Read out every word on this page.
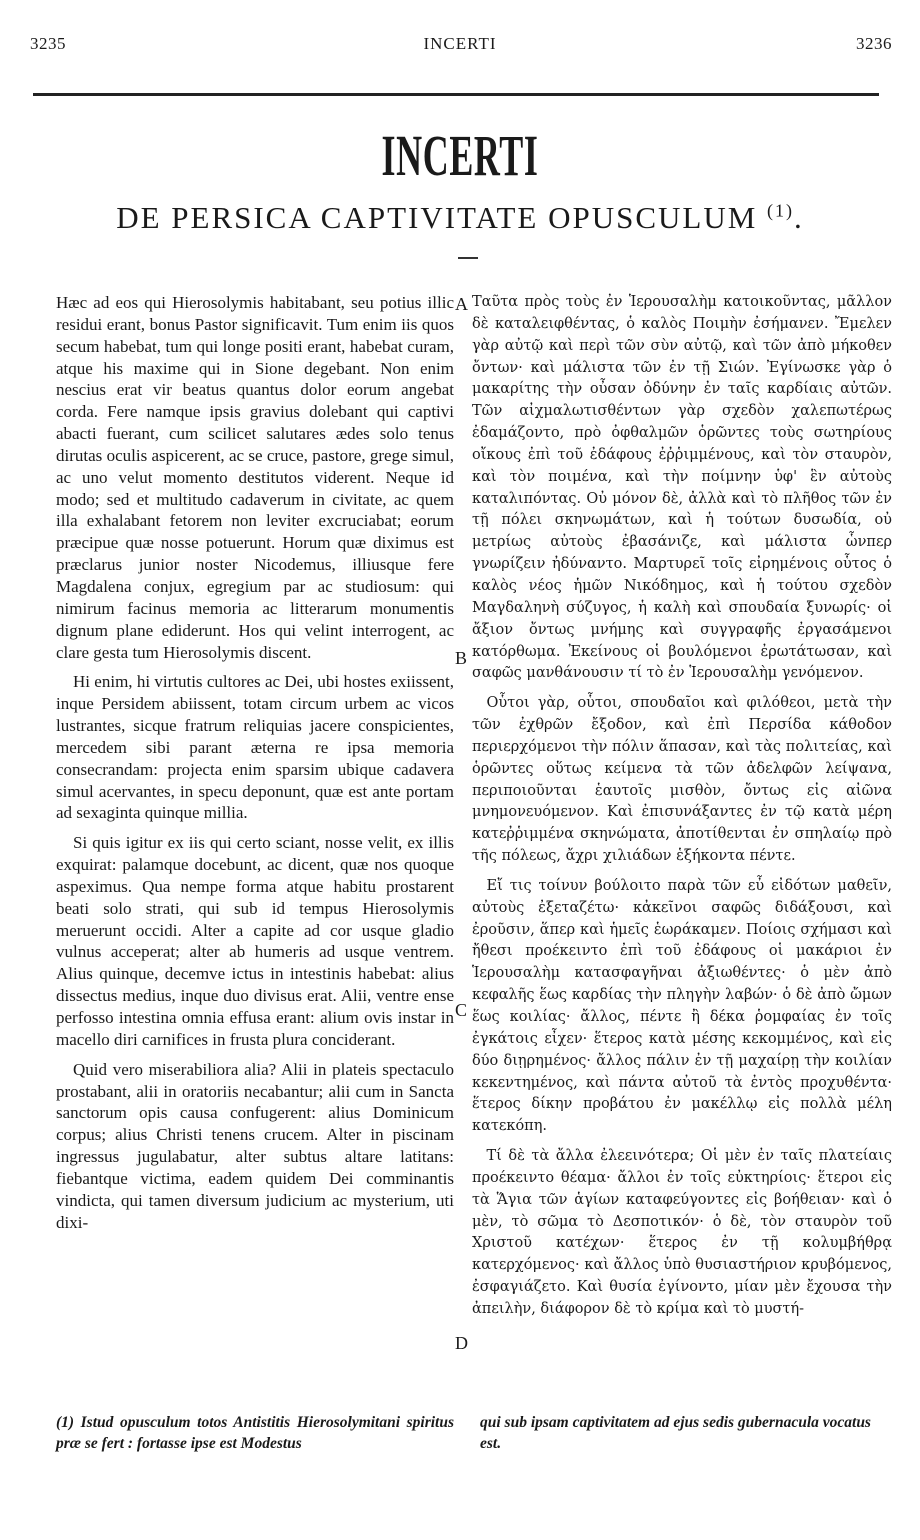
3235	INCERTI	3236
INCERTI
DE PERSICA CAPTIVITATE OPUSCULUM $^{(1)}$.

Hæc ad eos qui Hierosolymis habitabant, seu potius illic residui erant, bonus Pastor significavit. Tum enim iis quos secum habebat, tum qui longe positi erant, habebat curam, atque his maxime qui in Sione degebant. Non enim nescius erat vir beatus quantus dolor eorum angebat corda. Fere namque ipsis gravius dolebant qui captivi abacti fuerant, cum scilicet salutares ædes solo tenus dirutas oculis aspicerent, ac se cruce, pastore, grege simul, ac uno velut momento destitutos viderent. Neque id modo; sed et multitudo cadaverum in civitate, ac quem illa exhalabant fetorem non leviter excruciabat; eorum præcipue quæ nosse potuerunt. Horum quæ diximus est præclarus junior noster Nicodemus, illiusque fere Magdalena conjux, egregium par ac studiosum: qui nimirum facinus memoria ac litterarum monumentis dignum plane ediderunt. Hos qui velint interrogent, ac clare gesta tum Hierosolymis discent.

Hi enim, hi virtutis cultores ac Dei, ubi hostes exiissent, inque Persidem abiissent, totam circum urbem ac vicos lustrantes, sicque fratrum reliquias jacere conspicientes, mercedem sibi parant æterna re ipsa memoria consecrandam: projecta enim sparsim ubique cadavera simul acervantes, in specu deponunt, quæ est ante portam ad sexaginta quinque millia.

Si quis igitur ex iis qui certo sciant, nosse velit, ex illis exquirat: palamque docebunt, ac dicent, quæ nos quoque aspeximus. Qua nempe forma atque habitu prostarent beati solo strati, qui sub id tempus Hierosolymis meruerunt occidi. Alter a capite ad cor usque gladio vulnus acceperat; alter ab humeris ad usque ventrem. Alius quinque, decemve ictus in intestinis habebat: alius dissectus medius, inque duo divisus erat. Alii, ventre ense perfosso intestina omnia effusa erant: alium ovis instar in macello diri carnifices in frusta plura conciderant.

Quid vero miserabiliora alia? Alii in plateis spectaculo prostabant, alii in oratoriis necabantur; alii cum in Sancta sanctorum opis causa confugerent: alius Dominicum corpus; alius Christi tenens crucem. Alter in piscinam ingressus jugulabatur, alter subtus altare latitans: fiebantque victima, eadem quidem Dei comminantis vindicta, qui tamen diversum judicium ac mysterium, uti dixi-

A
B
C
D

Ταῦτα πρὸς τοὺς ἐν Ἱερουσαλὴμ κατοικοῦντας, μᾶλλον δὲ καταλειφθέντας, ὁ καλὸς Ποιμὴν ἐσήμανεν. Ἔμελεν γὰρ αὐτῷ καὶ περὶ τῶν σὺν αὐτῷ, καὶ τῶν ἀπὸ μήκοθεν ὄντων· καὶ μάλιστα τῶν ἐν τῇ Σιών. Ἐγίνωσκε γὰρ ὁ μακαρίτης τὴν οὖσαν ὀδύνην ἐν ταῖς καρδίαις αὐτῶν. Τῶν αἰχμαλωτισθέντων γὰρ σχεδὸν χαλεπωτέρως ἐδαμάζοντο, πρὸ ὀφθαλμῶν ὁρῶντες τοὺς σωτηρίους οἴκους ἐπὶ τοῦ ἐδάφους ἐῤῥιμμένους, καὶ τὸν σταυρὸν, καὶ τὸν ποιμένα, καὶ τὴν ποίμνην ὑφ' ἓν αὐτοὺς καταλιπόντας. Οὐ μόνον δὲ, ἀλλὰ καὶ τὸ πλῆθος τῶν ἐν τῇ πόλει σκηνωμάτων, καὶ ἡ τούτων δυσωδία, οὐ μετρίως αὐτοὺς ἐβασάνιζε, καὶ μάλιστα ὧνπερ γνωρίζειν ἠδύναντο. Μαρτυρεῖ τοῖς εἰρημένοις οὗτος ὁ καλὸς νέος ἡμῶν Νικόδημος, καὶ ἡ τούτου σχεδὸν Μαγδαληνὴ σύζυγος, ἡ καλὴ καὶ σπουδαία ξυνωρίς· οἱ ἄξιον ὄντως μνήμης καὶ συγγραφῆς ἐργασάμενοι κατόρθωμα. Ἐκείνους οἱ βουλόμενοι ἐρωτάτωσαν, καὶ σαφῶς μανθάνουσιν τί τὸ ἐν Ἱερουσαλὴμ γενόμενον.

Οὗτοι γὰρ, οὗτοι, σπουδαῖοι καὶ φιλόθεοι, μετὰ τὴν τῶν ἐχθρῶν ἔξοδον, καὶ ἐπὶ Περσίδα κάθοδον περιερχόμενοι τὴν πόλιν ἅπασαν, καὶ τὰς πολιτείας, καὶ ὁρῶντες οὕτως κείμενα τὰ τῶν ἀδελφῶν λείψανα, περιποιοῦνται ἑαυτοῖς μισθὸν, ὄντως εἰς αἰῶνα μνημονευόμενον. Καὶ ἐπισυνάξαντες ἐν τῷ κατὰ μέρη κατεῤῥιμμένα σκηνώματα, ἀποτίθενται ἐν σπηλαίῳ πρὸ τῆς πόλεως, ἄχρι χιλιάδων ἑξήκοντα πέντε.

Εἴ τις τοίνυν βούλοιτο παρὰ τῶν εὖ εἰδότων μαθεῖν, αὐτοὺς ἐξεταζέτω· κἀκεῖνοι σαφῶς διδάξουσι, καὶ ἐροῦσιν, ἅπερ καὶ ἡμεῖς ἑωράκαμεν. Ποίοις σχήμασι καὶ ἤθεσι προέκειντο ἐπὶ τοῦ ἐδάφους οἱ μακάριοι ἐν Ἱερουσαλὴμ κατασφαγῆναι ἀξιωθέντες· ὁ μὲν ἀπὸ κεφαλῆς ἕως καρδίας τὴν πληγὴν λαβών· ὁ δὲ ἀπὸ ὤμων ἕως κοιλίας· ἄλλος, πέντε ἢ δέκα ῥομφαίας ἐν τοῖς ἐγκάτοις εἶχεν· ἕτερος κατὰ μέσης κεκομμένος, καὶ εἰς δύο διῃρημένος· ἄλλος πάλιν ἐν τῇ μαχαίρῃ τὴν κοιλίαν κεκεντημένος, καὶ πάντα αὐτοῦ τὰ ἐντὸς προχυθέντα· ἕτερος δίκην προβάτου ἐν μακέλλῳ εἰς πολλὰ μέλη κατεκόπη.

Τί δὲ τὰ ἄλλα ἐλεεινότερα; Οἱ μὲν ἐν ταῖς πλατείαις προέκειντο θέαμα· ἄλλοι ἐν τοῖς εὐκτηρίοις· ἕτεροι εἰς τὰ Ἅγια τῶν ἁγίων καταφεύγοντες εἰς βοήθειαν· καὶ ὁ μὲν, τὸ σῶμα τὸ Δεσποτικόν· ὁ δὲ, τὸν σταυρὸν τοῦ Χριστοῦ κατέχων· ἕτερος ἐν τῇ κολυμβήθρᾳ κατερχόμενος· καὶ ἄλλος ὑπὸ θυσιαστήριον κρυβόμενος, ἐσφαγιάζετο. Καὶ θυσία ἐγίνοντο, μίαν μὲν ἔχουσα τὴν ἀπειλὴν, διάφορον δὲ τὸ κρίμα καὶ τὸ μυστή-

(1) Istud opusculum totos Antistitis Hierosolymitani spiritus præ se fert : fortasse ipse est Modestus
qui sub ipsam captivitatem ad ejus sedis gubernacula vocatus est.
